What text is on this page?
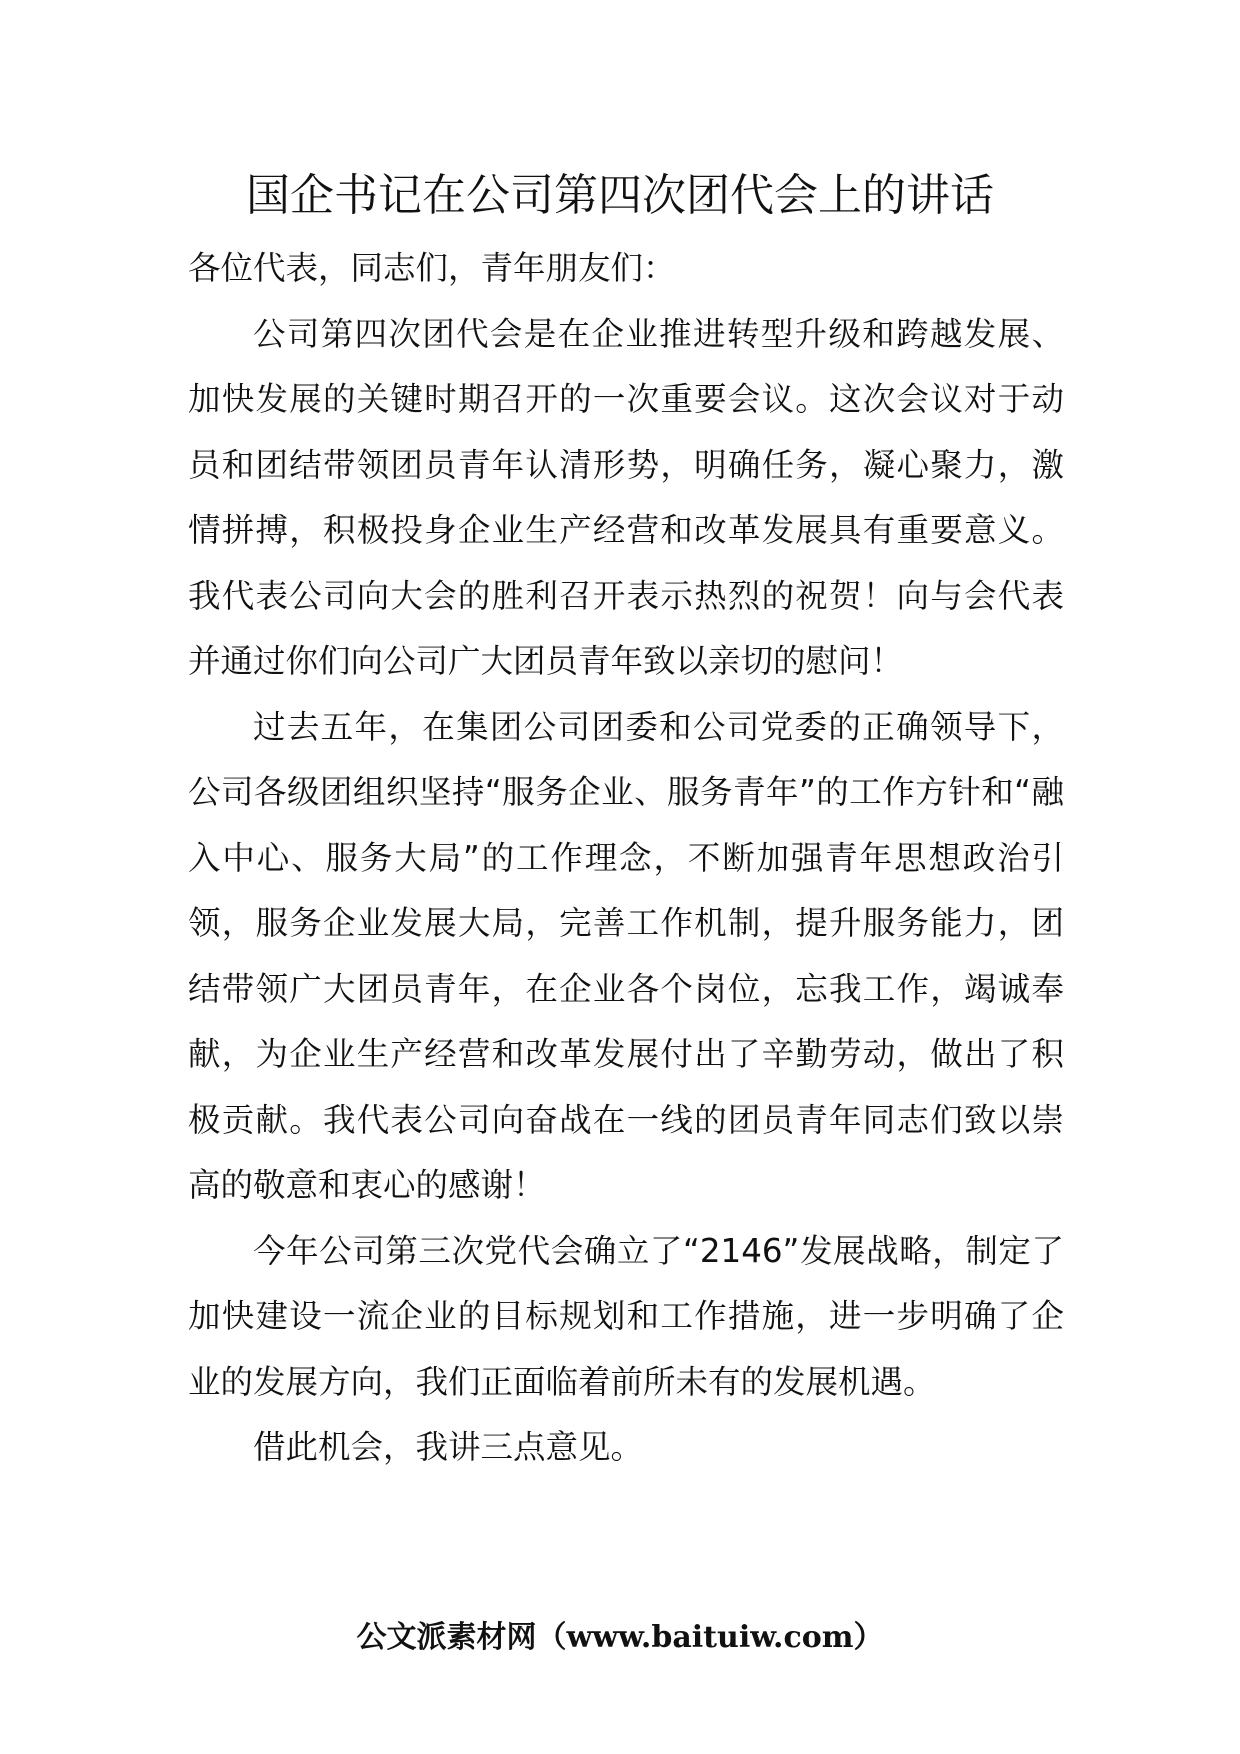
国企书记在公司第四次团代会上的讲话

各位代表，同志们，青年朋友们：

公司第四次团代会是在企业推进转型升级和跨越发展、加快发展的关键时期召开的一次重要会议。这次会议对于动员和团结带领团员青年认清形势，明确任务，凝心聚力，激情拼搏，积极投身企业生产经营和改革发展具有重要意义。我代表公司向大会的胜利召开表示热烈的祝贺！向与会代表并通过你们向公司广大团员青年致以亲切的慰问！

过去五年，在集团公司团委和公司党委的正确领导下，公司各级团组织坚持“服务企业、服务青年”的工作方针和“融入中心、服务大局”的工作理念，不断加强青年思想政治引领，服务企业发展大局，完善工作机制，提升服务能力，团结带领广大团员青年，在企业各个岗位，忘我工作，竭诚奉献，为企业生产经营和改革发展付出了辛勤劳动，做出了积极贡献。我代表公司向奋战在一线的团员青年同志们致以崇高的敬意和衷心的感谢！

今年公司第三次党代会确立了“2146”发展战略，制定了加快建设一流企业的目标规划和工作措施，进一步明确了企业的发展方向，我们正面临着前所未有的发展机遇。

借此机会，我讲三点意见。

公文派素材网（www.baituiw.com）
